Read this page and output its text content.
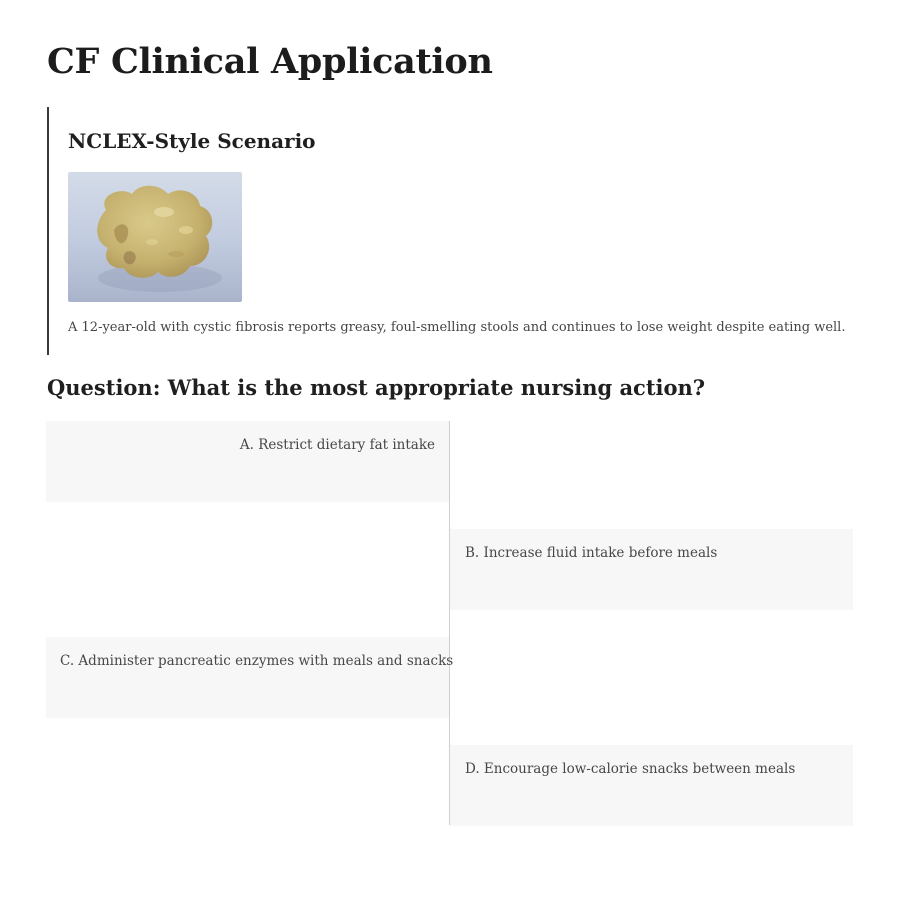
CF Clinical Application
NCLEX-Style Scenario

A 12-year-old with cystic fibrosis reports greasy, foul-smelling stools and continues to lose weight despite eating well.

Question: What is the most appropriate nursing action?
A. Restrict dietary fat intake
B. Increase fluid intake before meals
C. Administer pancreatic enzymes with meals and snacks
D. Encourage low-calorie snacks between meals
